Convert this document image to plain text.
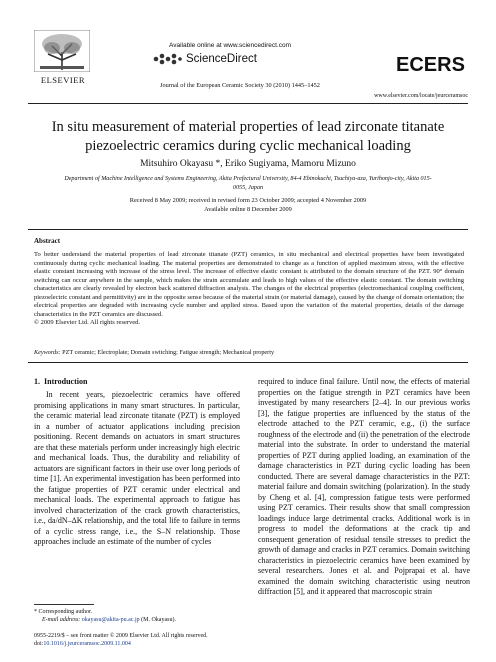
ELSEVIER
Available online at www.sciencedirect.com
ScienceDirect
Journal of the European Ceramic Society 30 (2010) 1445–1452
ECERS
www.elsevier.com/locate/jeurceramsoc
In situ measurement of material properties of lead zirconate titanate piezoelectric ceramics during cyclic mechanical loading
Mitsuhiro Okayasu *, Eriko Sugiyama, Mamoru Mizuno
Department of Machine Intelligence and Systems Engineering, Akita Prefectural University, 84-4 Ebinokuchi, Tsuchiya-aza, Yurihonjo-city, Akita 015-0055, Japan
Received 8 May 2009; received in revised form 23 October 2009; accepted 4 November 2009
Available online 8 December 2009
Abstract
To better understand the material properties of lead zirconate titanate (PZT) ceramics, in situ mechanical and electrical properties have been investigated continuously during cyclic mechanical loading. The material properties are demonstrated to change as a function of applied maximum stress, with the effective elastic constant increasing with increase of the stress level. The increase of effective elastic constant is attributed to the domain structure of the PZT. 90° domain switching can occur anywhere in the sample, which makes the strain accumulate and leads to high values of the effective elastic constant. The domain switching characteristics are clearly revealed by electron back scattered diffraction analysis. The changes of the electrical properties (electromechanical coupling coefficient, piezoelectric constant and permittivity) are in the opposite sense because of the material strain (or material damage), caused by the change of domain orientation; the electrical properties are degraded with increasing cycle number and applied stress. Based upon the variation of the material properties, details of the damage characteristics in the PZT ceramics are discussed.
© 2009 Elsevier Ltd. All rights reserved.
Keywords: PZT ceramic; Electroplate; Domain switching; Fatigue strength; Mechanical property
1. Introduction
In recent years, piezoelectric ceramics have offered promising applications in many smart structures. In particular, the ceramic material lead zirconate titanate (PZT) is employed in a number of actuator applications including precision positioning. Recent demands on actuators in smart structures are that these materials perform under increasingly high electric and mechanical loads. Thus, the durability and reliability of actuators are significant factors in their use over long periods of time [1]. An experimental investigation has been performed into the fatigue properties of PZT ceramic under electrical and mechanical loads. The experimental approach to fatigue has involved characterization of the crack growth characteristics, i.e., da/dN–ΔK relationship, and the total life to failure in terms of a cyclic stress range, i.e., the S–N relationship. Those approaches include an estimate of the number of cycles
required to induce final failure. Until now, the effects of material properties on the fatigue strength in PZT ceramics have been investigated by many researchers [2–4]. In our previous works [3], the fatigue properties are influenced by the status of the electrode attached to the PZT ceramic, e.g., (i) the surface roughness of the electrode and (ii) the penetration of the electrode material into the substrate. In order to understand the material properties of PZT during applied loading, an examination of the damage characteristics in PZT during cyclic loading has been conducted. There are several damage characteristics in the PZT: material failure and domain switching (polarization). In the study by Cheng et al. [4], compression fatigue tests were performed using PZT ceramics. Their results show that small compression loadings induce large detrimental cracks. Additional work is in progress to model the deformations at the crack tip and consequent generation of residual tensile stresses to predict the growth of damage and cracks in PZT ceramics. Domain switching characteristics in piezoelectric ceramics have been examined by several researchers. Jones et al. and Pojprapai et al. have examined the domain switching characteristic using neutron diffraction [5], and it appeared that macroscopic strain
* Corresponding author.
E-mail address: okayasu@akita-pu.ac.jp (M. Okayasu).
0955-2219/$ – see front matter © 2009 Elsevier Ltd. All rights reserved.
doi:10.1016/j.jeurceramsoc.2009.11.004
